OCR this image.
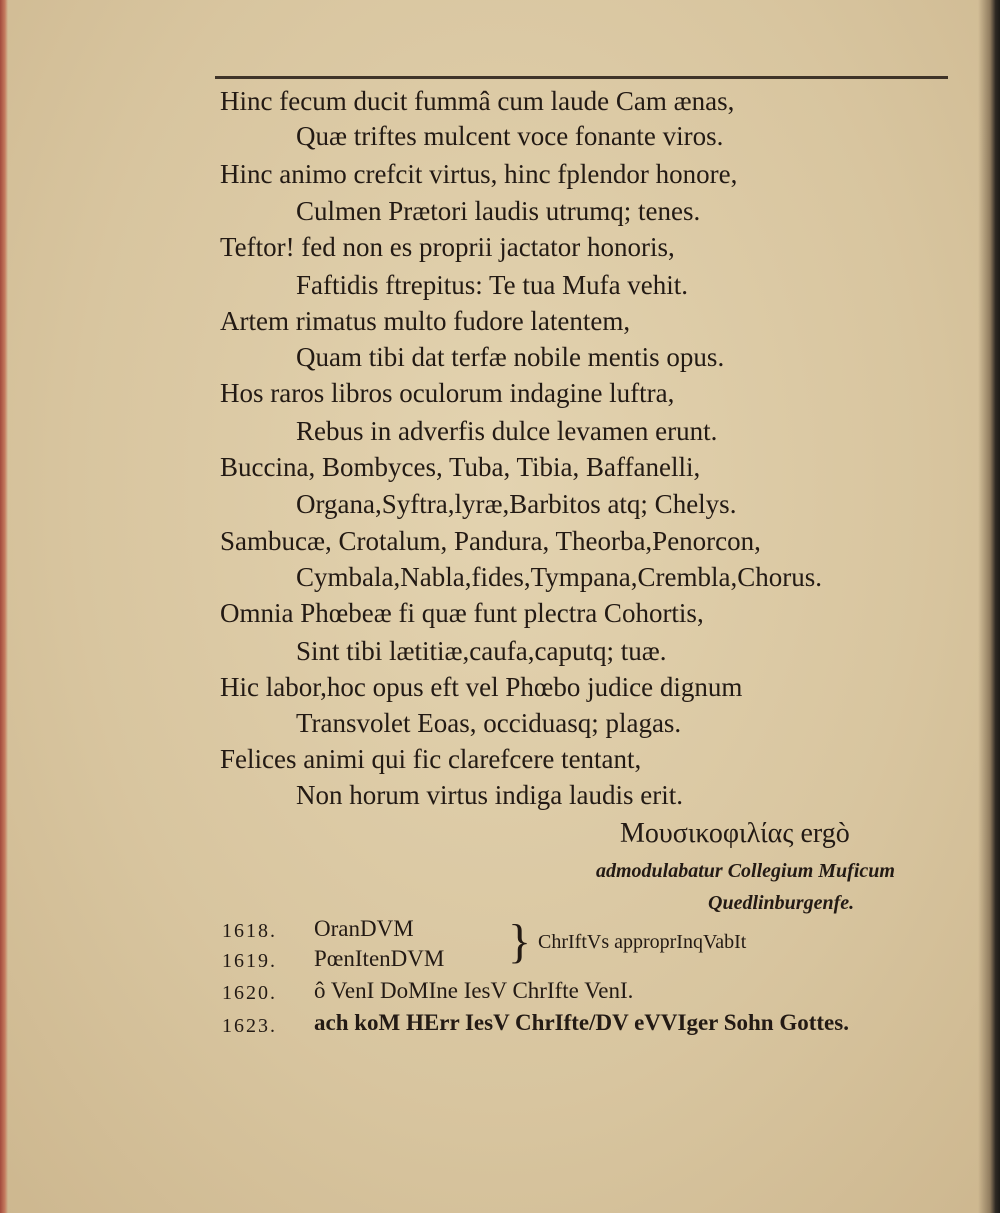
Hinc fecum ducit fummâ cum laude Cam ænas,
Quæ triftes mulcent voce fonante viros.
Hinc animo crefcit virtus, hinc fplendor honore,
Culmen Prætori laudis utrumq; tenes.
Teftor! fed non es proprii jactator honoris,
Faftidis ftrepitus: Te tua Mufa vehit.
Artem rimatus multo fudore latentem,
Quam tibi dat terfæ nobile mentis opus.
Hos raros libros oculorum indagine luftra,
Rebus in adverfis dulce levamen erunt.
Buccina, Bombyces, Tuba, Tibia, Baffanelli,
Organa,Syftra,lyræ,Barbitos atq; Chelys.
Sambucæ, Crotalum, Pandura, Theorba,Penorcon,
Cymbala,Nabla,fides,Tympana,Crembla,Chorus.
Omnia Phœbeæ fi quæ funt plectra Cohortis,
Sint tibi lætitiæ,caufa,caputq; tuæ.
Hic labor,hoc opus eft vel Phœbo judice dignum
Transvolet Eoas, occiduasq; plagas.
Felices animi qui fic clarefcere tentant,
Non horum virtus indiga laudis erit.
Μουσικοφιλίας ergò
admodulabatur Collegium Muficum
Quedlinburgenfe.
1618. OranDVM
1619. PœnItenDVM } ChrIftVs approprInqVabIt
1620. ô VenI DoMIne IesV ChrIfte VenI.
1623. ach koM HErr IesV ChrIfte/DV eVVIger Sohn Gottes.
